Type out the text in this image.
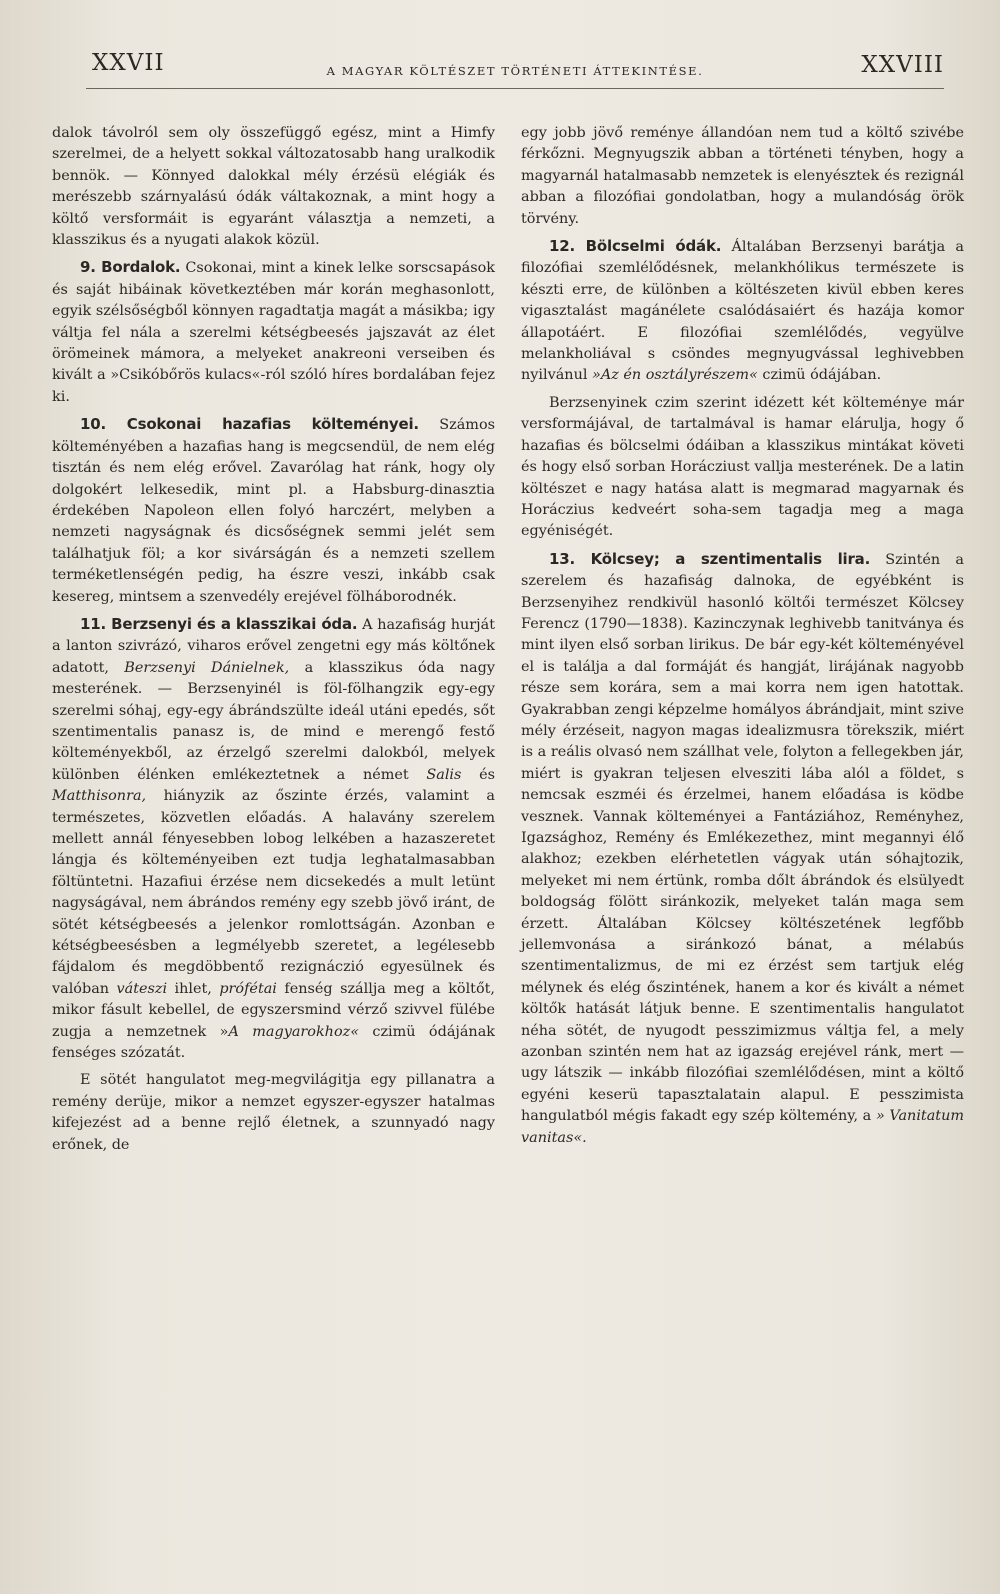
XXVII	A MAGYAR KÖLTÉSZET TÖRTÉNETI ÁTTEKINTÉSE.	XXVIII

dalok távolról sem oly összefüggő egész, mint a Himfy szerelmei, de a helyett sokkal változatosabb hang uralkodik bennök. — Könnyed dalokkal mély érzésü elégiák és merészebb szárnyalású ódák váltakoznak, a mint hogy a költő versformáit is egyaránt választja a nemzeti, a klasszikus és a nyugati alakok közül.

9. Bordalok. Csokonai, mint a kinek lelke sorscsapások és saját hibáinak következtében már korán meghasonlott, egyik szélsőségből könnyen ragadtatja magát a másikba; igy váltja fel nála a szerelmi kétségbeesés jajszavát az élet örömeinek mámora, a melyeket anakreoni verseiben és kivált a »Csikóbőrös kulacs«-ról szóló híres bordalában fejez ki.

10. Csokonai hazafias költeményei. Számos költeményében a hazafias hang is megcsendül, de nem elég tisztán és nem elég erővel. Zavarólag hat ránk, hogy oly dolgokért lelkesedik, mint pl. a Habsburg-dinasztia érdekében Napoleon ellen folyó harczért, melyben a nemzeti nagyságnak és dicsőségnek semmi jelét sem találhatjuk föl; a kor sivárságán és a nemzeti szellem terméketlenségén pedig, ha észre veszi, inkább csak kesereg, mintsem a szenvedély erejével fölháborodnék.

11. Berzsenyi és a klasszikai óda. A hazafiság hurját a lanton szivrázó, viharos erővel zengetni egy más költőnek adatott, Berzsenyi Dánielnek, a klasszikus óda nagy mesterének. — Berzsenyinél is föl-fölhangzik egy-egy szerelmi sóhaj, egy-egy ábrándszülte ideál utáni epedés, sőt szentimentalis panasz is, de mind e merengő festő költeményekből, az érzelgő szerelmi dalokból, melyek különben élénken emlékeztetnek a német Salis és Matthisonra, hiányzik az őszinte érzés, valamint a természetes, közvetlen előadás. A halavány szerelem mellett annál fényesebben lobog lelkében a hazaszeretet lángja és költeményeiben ezt tudja leghatalmasabban föltüntetni. Hazafiui érzése nem dicsekedés a mult letünt nagyságával, nem ábrándos remény egy szebb jövő iránt, de sötét kétségbeesés a jelenkor romlottságán. Azonban e kétségbeesésben a legmélyebb szeretet, a legélesebb fájdalom és megdöbbentő rezignáczió egyesülnek és valóban váteszi ihlet, prófétai fenség szállja meg a költőt, mikor fásult kebellel, de egyszersmind vérző szivvel fülébe zugja a nemzetnek »A magyarokhoz« czimü ódájának fenséges szózatát.

E sötét hangulatot meg-megvilágitja egy pillanatra a remény derüje, mikor a nemzet egyszer-egyszer hatalmas kifejezést ad a benne rejlő életnek, a szunnyadó nagy erőnek, de

egy jobb jövő reménye állandóan nem tud a költő szivébe férkőzni. Megnyugszik abban a történeti tényben, hogy a magyarnál hatalmasabb nemzetek is elenyésztek és rezignál abban a filozófiai gondolatban, hogy a mulandóság örök törvény.

12. Bölcselmi ódák. Általában Berzsenyi barátja a filozófiai szemlélődésnek, melankhólikus természete is készti erre, de különben a költészeten kivül ebben keres vigasztalást magánélete csalódásaiért és hazája komor állapotáért. E filozófiai szemlélődés, vegyülve melankholiával s csöndes megnyugvással leghivebben nyilvánul »Az én osztályrészem« czimü ódájában.

Berzsenyinek czim szerint idézett két költeménye már versformájával, de tartalmával is hamar elárulja, hogy ő hazafias és bölcselmi ódáiban a klasszikus mintákat követi és hogy első sorban Horácziust vallja mesterének. De a latin költészet e nagy hatása alatt is megmarad magyarnak és Horáczius kedveért soha-sem tagadja meg a maga egyéniségét.

13. Kölcsey; a szentimentalis lira. Szintén a szerelem és hazafiság dalnoka, de egyébként is Berzsenyihez rendkivül hasonló költői természet Kölcsey Ferencz (1790—1838). Kazinczynak leghivebb tanitványa és mint ilyen első sorban lirikus. De bár egy-két költeményével el is találja a dal formáját és hangját, lirájának nagyobb része sem korára, sem a mai korra nem igen hatottak. Gyakrabban zengi képzelme homályos ábrándjait, mint szive mély érzéseit, nagyon magas idealizmusra törekszik, miért is a reális olvasó nem szállhat vele, folyton a fellegekben jár, miért is gyakran teljesen elvesziti lába alól a földet, s nemcsak eszméi és érzelmei, hanem előadása is ködbe vesznek. Vannak költeményei a Fantáziához, Reményhez, Igazsághoz, Remény és Emlékezethez, mint megannyi élő alakhoz; ezekben elérhetetlen vágyak után sóhajtozik, melyeket mi nem értünk, romba dőlt ábrándok és elsülyedt boldogság fölött siránkozik, melyeket talán maga sem érzett. Általában Kölcsey költészetének legfőbb jellemvonása a siránkozó bánat, a mélabús szentimentalizmus, de mi ez érzést sem tartjuk elég mélynek és elég őszintének, hanem a kor és kivált a német költők hatását látjuk benne. E szentimentalis hangulatot néha sötét, de nyugodt pesszimizmus váltja fel, a mely azonban szintén nem hat az igazság erejével ránk, mert — ugy látszik — inkább filozófiai szemlélődésen, mint a költő egyéni keserü tapasztalatain alapul. E pesszimista hangulatból mégis fakadt egy szép költemény, a » Vanitatum vanitas«.
